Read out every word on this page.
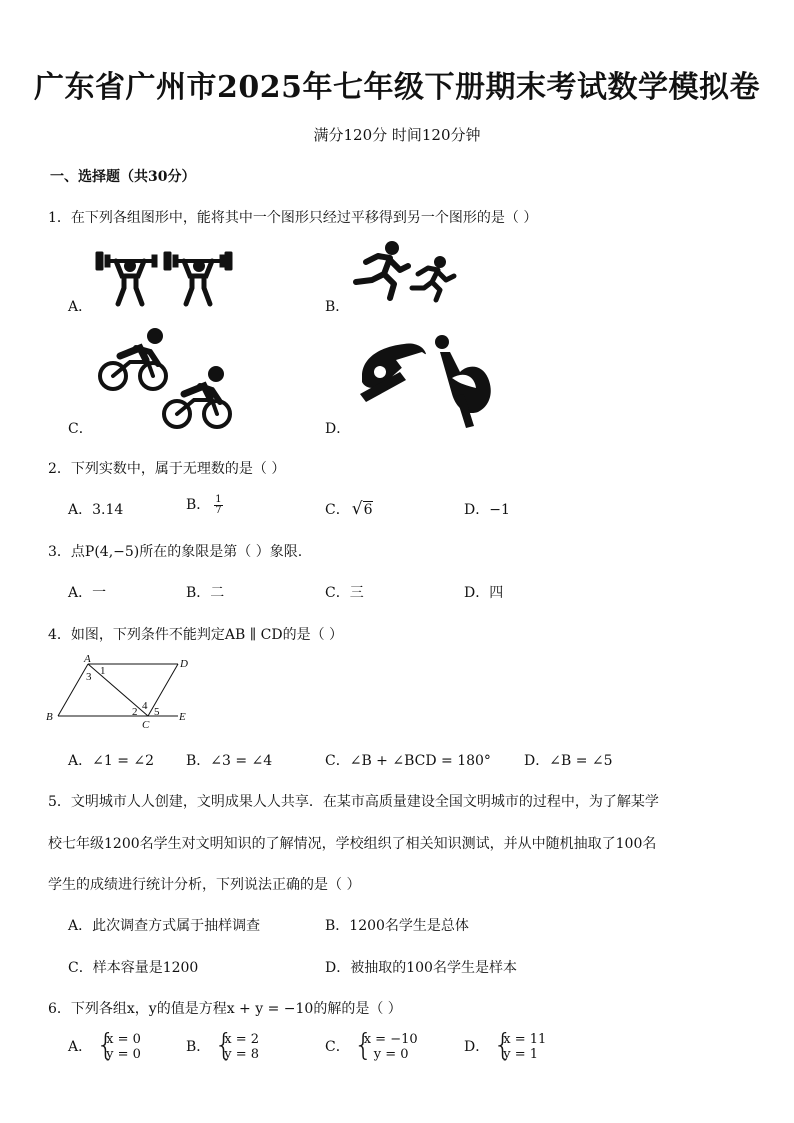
广东省广州市2025年七年级下册期末考试数学模拟卷
满分120分 时间120分钟
一、选择题（共30分）
1．在下列各组图形中，能将其中一个图形只经过平移得到另一个图形的是（ ）
A．	B．
C．	D．
2．下列实数中，属于无理数的是（ ）
A．3.14	B． $\frac{1}{7}$	C． √6	D．−1
3．点P(4,−5)所在的象限是第（ ）象限.
A．一	B．二	C．三	D．四
4．如图，下列条件不能判定AB ∥ CD的是（ ）
A	D
B
C
E
1
3
2 4 5
A．∠1 = ∠2 B．∠3 = ∠4	C．∠B + ∠BCD = 180° D．∠B = ∠5
5．文明城市人人创建，文明成果人人共享．在某市高质量建设全国文明城市的过程中，为了解某学
校七年级1200名学生对文明知识的了解情况，学校组织了相关知识测试，并从中随机抽取了100名
学生的成绩进行统计分析，下列说法正确的是（ ）
A．此次调查方式属于抽样调查	B．1200名学生是总体
C．样本容量是1200	D．被抽取的100名学生是样本
6．下列各组x，y的值是方程x + y = −10的解的是（ ）
A． {
x = 0
y = 0	B． {
x = 2
y = 8	C． {
x = −10
y = 0	D． {
x = 11
y = 1
